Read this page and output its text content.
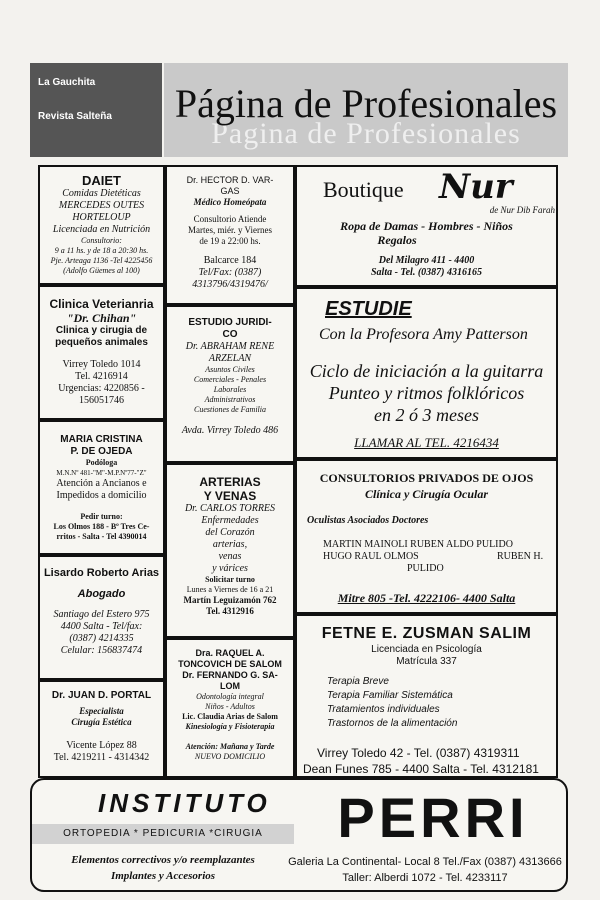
La Gauchita
Revista Salteña
Pagina de Profesionales
Página de Profesionales
DAIET
Comidas Dietéticas
MERCEDES OUTES
HORTELOUP
Licenciada en Nutrición
Consultorio:
9 a 11 hs. y de 18 a 20:30 hs.
Pje. Arteaga 1136 -Tel 4225456
(Adolfo Güemes al 100)
Clinica Veterianria
"Dr. Chihan"
Clinica y cirugia de
pequeños animales
Virrey Toledo 1014
Tel. 4216914
Urgencias: 4220856 -
156051746
MARIA CRISTINA
P. DE OJEDA
Podóloga
M.N.Nº 481-"M"-M.P.Nº77-"Z"
Atención a Ancianos e
Impedidos a domicilio
Pedir turno:
Los Olmos 188 - Bº Tres Ce-
rritos - Salta - Tel 4390014
Lisardo Roberto Arias
Abogado
Santiago del Estero 975
4400 Salta - Tel/fax:
(0387) 4214335
Celular: 156837474
Dr. JUAN D. PORTAL
Especialista
Cirugía Estética
Vicente López 88
Tel. 4219211 - 4314342
Dr. HECTOR D. VAR-
GAS
Médico Homeópata
Consultorio Atiende
Martes, miér. y Viernes
de 19 a 22:00 hs.
Balcarce 184
Tel/Fax: (0387)
4313796/4319476/
ESTUDIO JURIDI-
CO
Dr. ABRAHAM RENE
ARZELAN
Asuntos Civiles
Comerciales - Penales
Laborales
Administrativos
Cuestiones de Familia
Avda. Virrey Toledo 486
ARTERIAS
Y VENAS
Dr. CARLOS TORRES
Enfermedades
del Corazón
arterias,
venas
y várices
Solicitar turno
Lunes a Viernes de 16 a 21
Martín Leguizamón 762
Tel. 4312916
Dra. RAQUEL A.
TONCOVICH DE SALOM
Dr. FERNANDO G. SA-
LOM
Odontología integral
Niños - Adultos
Lic. Claudia Arias de Salom
Kinesiología y Fisioterapia
Atención: Mañana y Tarde
NUEVO DOMICILIO
Boutique Nur
de Nur Dib Farah
Ropa de Damas - Hombres - Niños
Regalos
Del Milagro 411 - 4400
Salta - Tel. (0387) 4316165
ESTUDIE
Con la Profesora Amy Patterson
Ciclo de iniciación a la guitarra
Punteo y ritmos folklóricos
en 2 ó 3 meses
LLAMAR AL TEL. 4216434
CONSULTORIOS PRIVADOS DE OJOS
Clínica y Cirugía Ocular
Oculistas Asociados Doctores
MARTIN MAINOLI RUBEN ALDO PULIDO
HUGO RAUL OLMOS	RUBEN H.
PULIDO
Mitre 805 -Tel. 4222106- 4400 Salta
FETNE E. ZUSMAN SALIM
Licenciada en Psicología
Matrícula 337
Terapia Breve
Terapia Familiar Sistemática
Tratamientos individuales
Trastornos de la alimentación
Virrey Toledo 42 - Tel. (0387) 4319311
Dean Funes 785 - 4400 Salta - Tel. 4312181
INSTITUTO
ORTOPEDIA * PEDICURIA *CIRUGIA
Elementos correctivos y/o reemplazantes
Implantes y Accesorios
PERRI
Galeria La Continental- Local 8 Tel./Fax (0387) 4313666
Taller: Alberdi 1072 - Tel. 4233117
